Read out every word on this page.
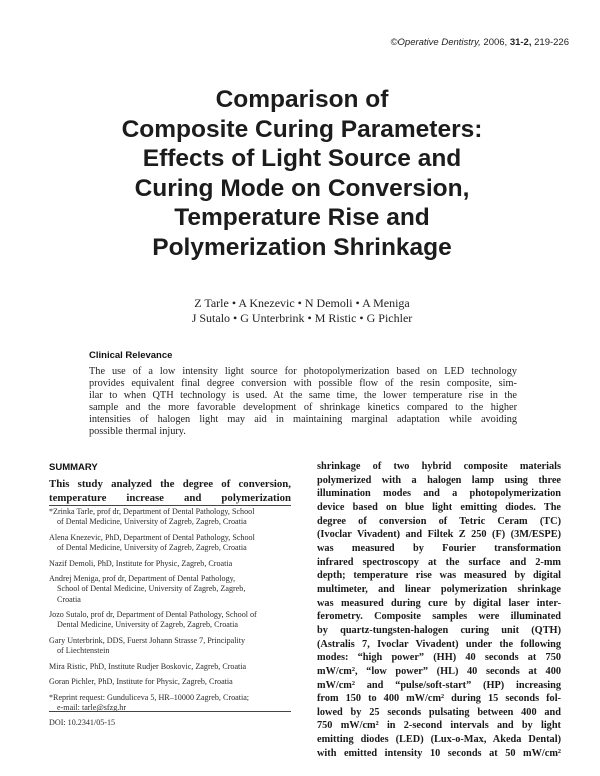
©Operative Dentistry, 2006, 31-2, 219-226
Comparison of
Composite Curing Parameters:
Effects of Light Source and
Curing Mode on Conversion,
Temperature Rise and
Polymerization Shrinkage
Z Tarle • A Knezevic • N Demoli • A Meniga
J Sutalo • G Unterbrink • M Ristic • G Pichler
Clinical Relevance
The use of a low intensity light source for photopolymerization based on LED technology
provides equivalent final degree conversion with possible flow of the resin composite, sim-
ilar to when QTH technology is used. At the same time, the lower temperature rise in the
sample and the more favorable development of shrinkage kinetics compared to the higher
intensities of halogen light may aid in maintaining marginal adaptation while avoiding
possible thermal injury.
SUMMARY
This study analyzed the degree of conversion,
temperature increase and polymerization
*Zrinka Tarle, prof dr, Department of Dental Pathology, School
of Dental Medicine, University of Zagreb, Zagreb, Croatia
Alena Knezevic, PhD, Department of Dental Pathology, School
of Dental Medicine, University of Zagreb, Zagreb, Croatia
Nazif Demoli, PhD, Institute for Physic, Zagreb, Croatia
Andrej Meniga, prof dr, Department of Dental Pathology,
School of Dental Medicine, University of Zagreb, Zagreb,
Croatia
Jozo Sutalo, prof dr, Department of Dental Pathology, School of
Dental Medicine, University of Zagreb, Zagreb, Croatia
Gary Unterbrink, DDS, Fuerst Johann Strasse 7, Principality
of Liechtenstein
Mira Ristic, PhD, Institute Rudjer Boskovic, Zagreb, Croatia
Goran Pichler, PhD, Institute for Physic, Zagreb, Croatia
*Reprint request: Gunduliceva 5, HR–10000 Zagreb, Croatia;
e-mail: tarle@sfzg.hr
DOI: 10.2341/05-15
shrinkage of two hybrid composite materials
polymerized with a halogen lamp using three
illumination modes and a photopolymerization
device based on blue light emitting diodes. The
degree of conversion of Tetric Ceram (TC)
(Ivoclar Vivadent) and Filtek Z 250 (F) (3M/ESPE)
was measured by Fourier transformation
infrared spectroscopy at the surface and 2-mm
depth; temperature rise was measured by digital
multimeter, and linear polymerization shrinkage
was measured during cure by digital laser inter-
ferometry. Composite samples were illuminated
by quartz-tungsten-halogen curing unit (QTH)
(Astralis 7, Ivoclar Vivadent) under the following
modes: “high power” (HH) 40 seconds at 750
mW/cm², “low power” (HL) 40 seconds at 400
mW/cm² and “pulse/soft-start” (HP) increasing
from 150 to 400 mW/cm² during 15 seconds fol-
lowed by 25 seconds pulsating between 400 and
750 mW/cm² in 2-second intervals and by light
emitting diodes (LED) (Lux-o-Max, Akeda Dental)
with emitted intensity 10 seconds at 50 mW/cm²
